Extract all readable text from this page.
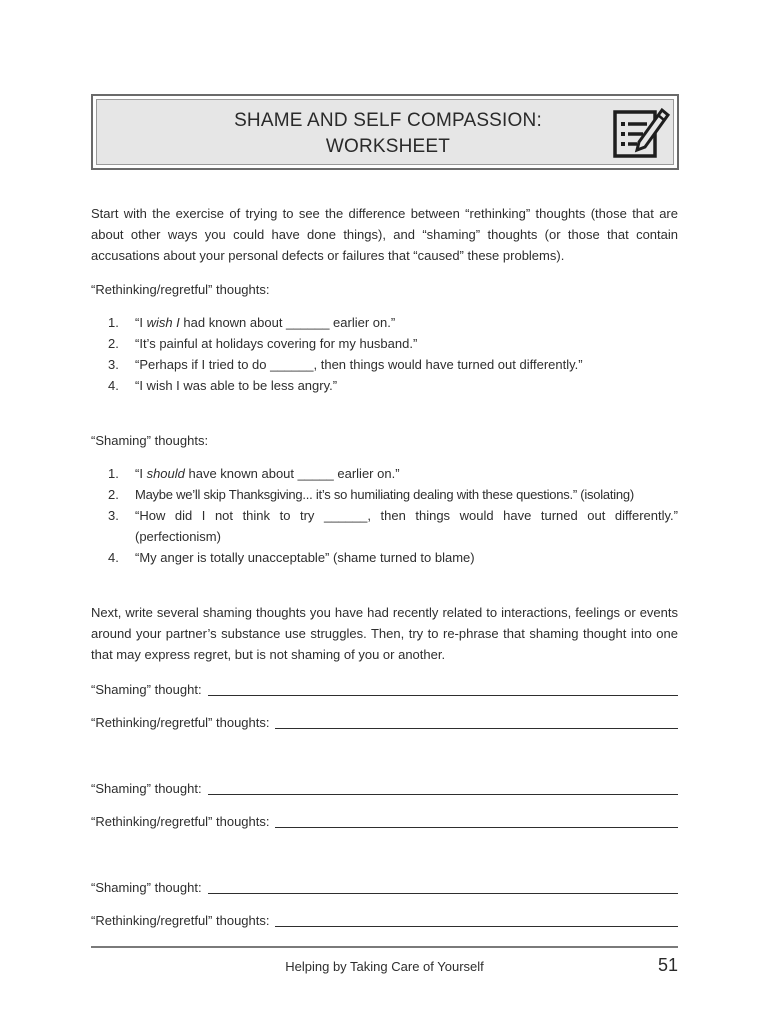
SHAME AND SELF COMPASSION:
WORKSHEET
Start with the exercise of trying to see the difference between “rethinking” thoughts (those that are about other ways you could have done things), and “shaming” thoughts (or those that contain accusations about your personal defects or failures that “caused” these problems).
“Rethinking/regretful” thoughts:
1.	“I wish I had known about ______ earlier on.”
2.	“It’s painful at holidays covering for my husband.”
3.	“Perhaps if I tried to do ______, then things would have turned out differently.”
4.	“I wish I was able to be less angry.”
“Shaming” thoughts:
1.	“I should have known about _____ earlier on.”
2.	Maybe we’ll skip Thanksgiving... it’s so humiliating dealing with these questions.” (isolating)
3.	“How did I not think to try ______, then things would have turned out differently.” (perfectionism)
4.	“My anger is totally unacceptable” (shame turned to blame)
Next, write several shaming thoughts you have had recently related to interactions, feelings or events around your partner’s substance use struggles. Then, try to re-phrase that shaming thought into one that may express regret, but is not shaming of you or another.
“Shaming” thought:
“Rethinking/regretful” thoughts:
“Shaming” thought:
“Rethinking/regretful” thoughts:
“Shaming” thought:
“Rethinking/regretful” thoughts:
Helping by Taking Care of Yourself	51
